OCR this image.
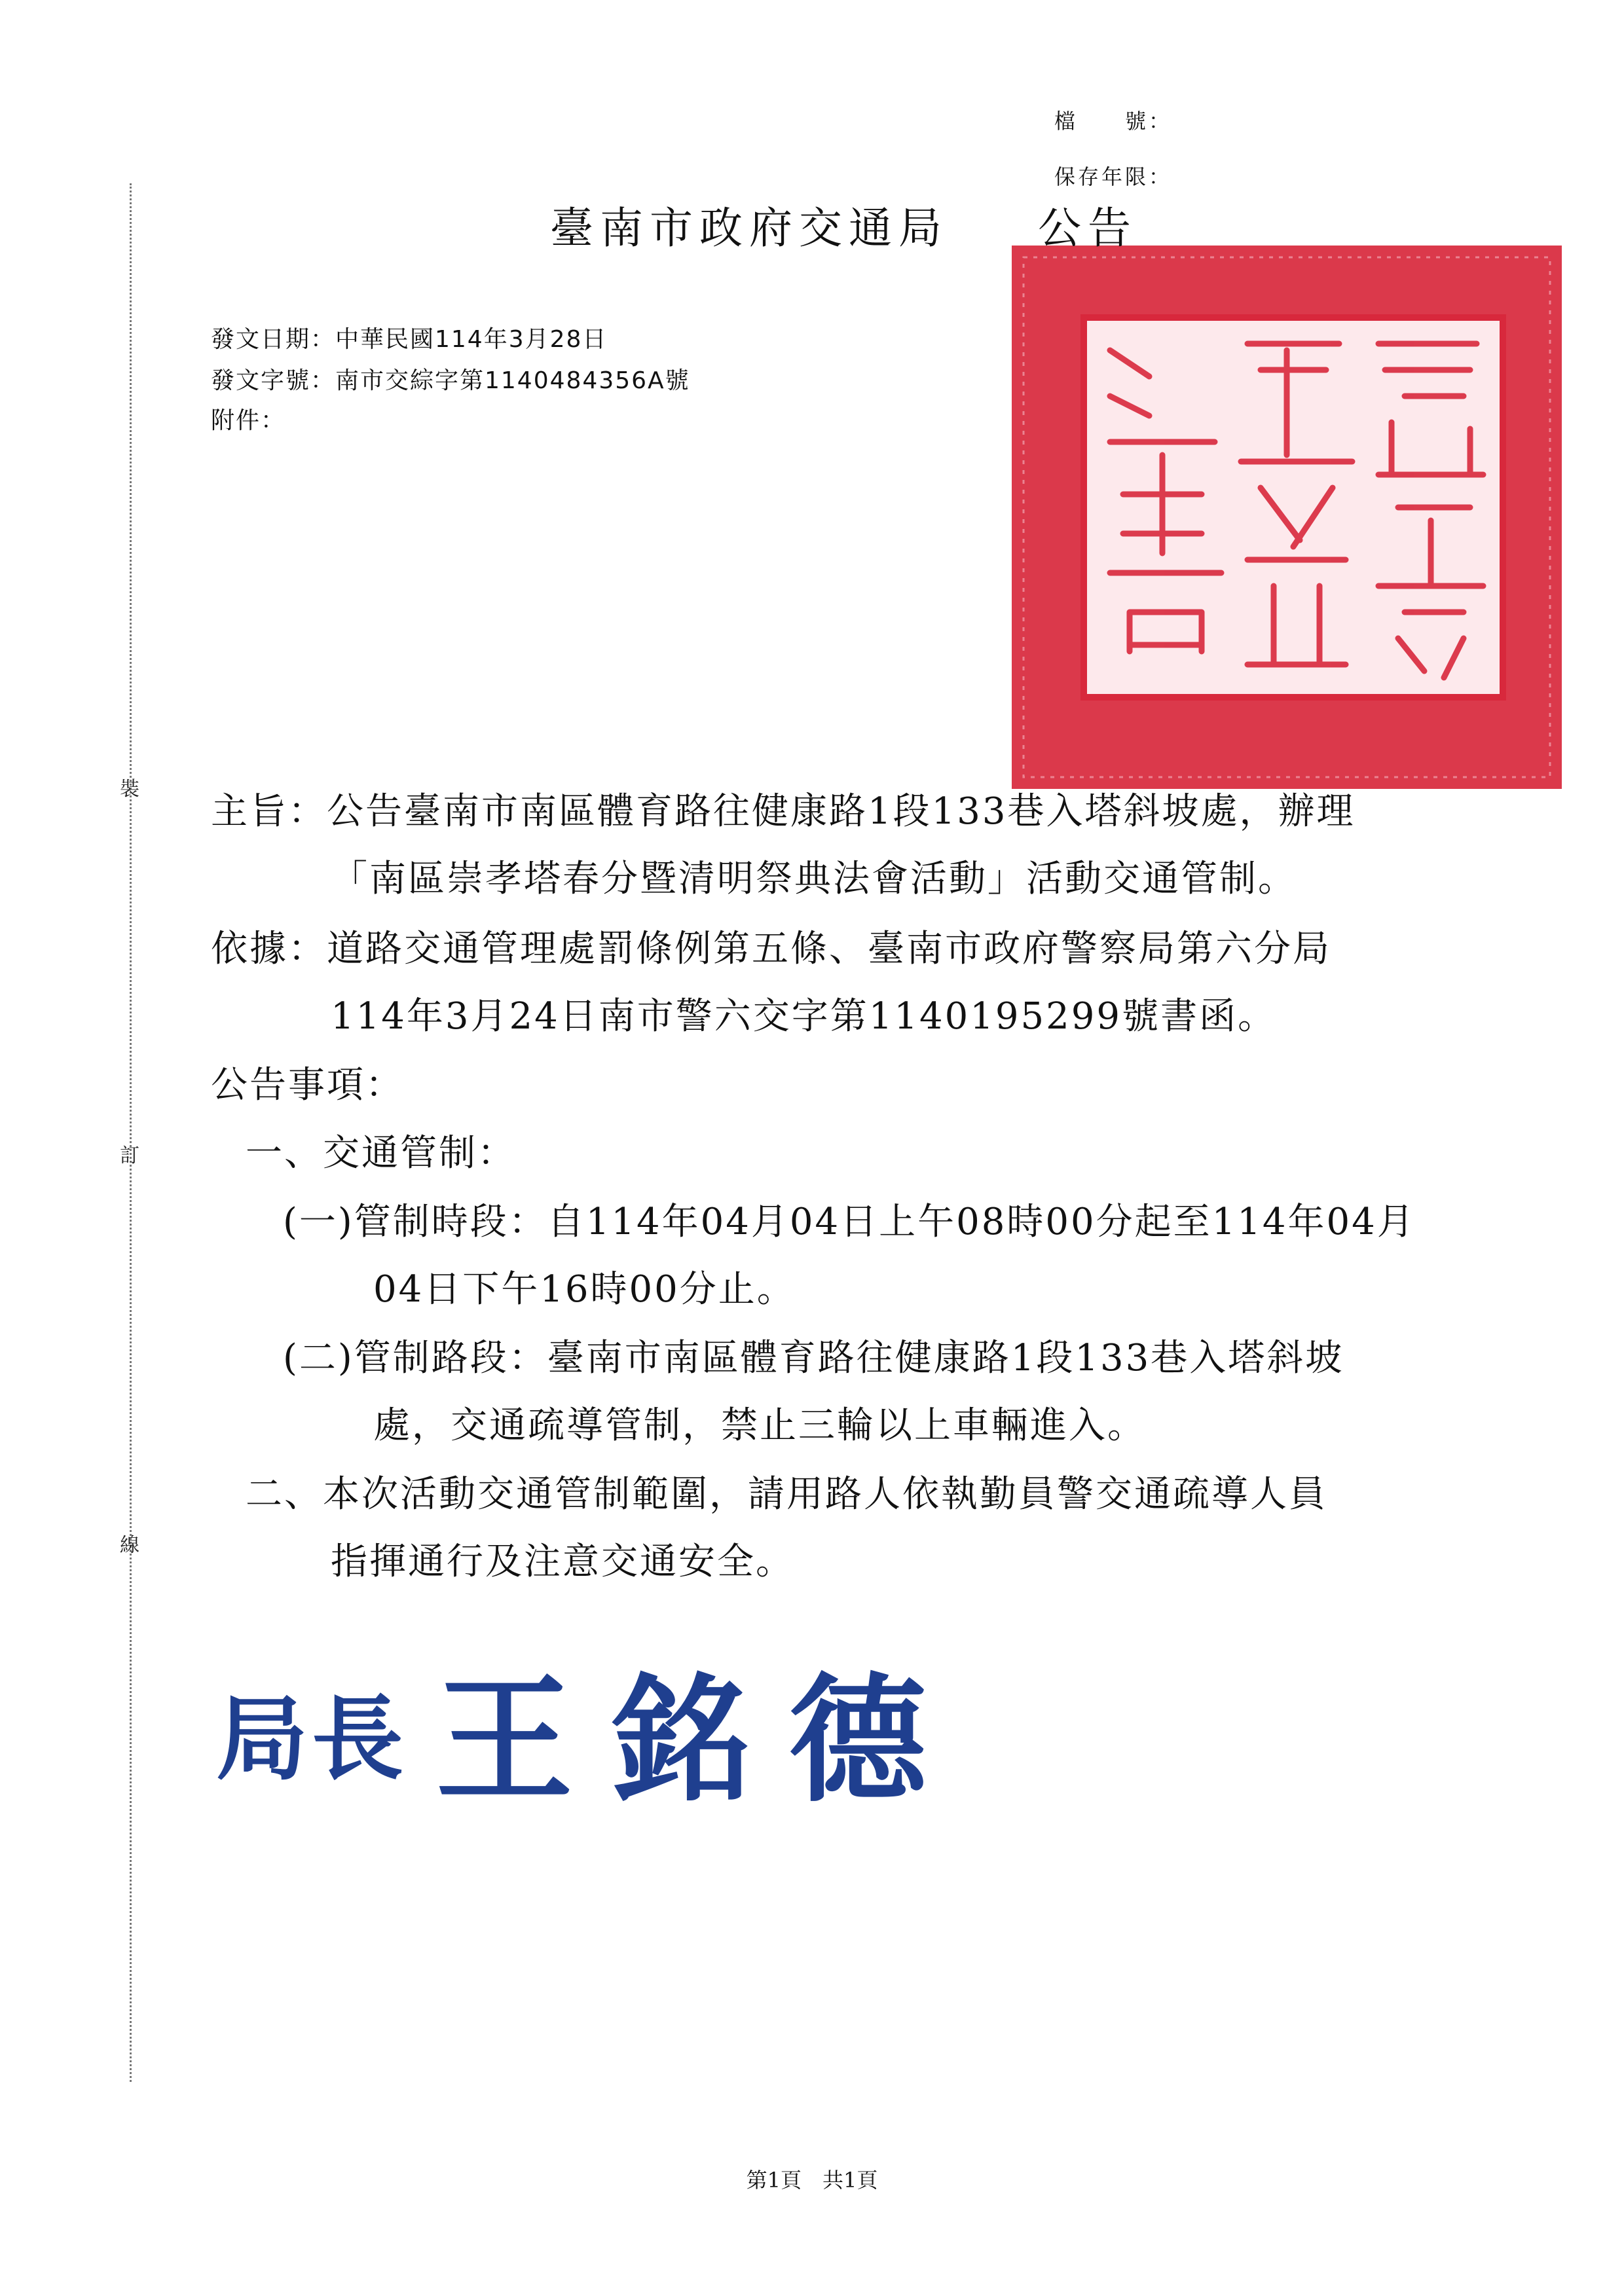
裝
訂
線
檔　　號：
保存年限：
臺南市政府交通局 公告
發文日期：中華民國114年3月28日
發文字號：南市交綜字第1140484356A號
附件：
主旨：公告臺南市南區體育路往健康路1段133巷入塔斜坡處，辦理
「南區崇孝塔春分暨清明祭典法會活動」活動交通管制。
依據：道路交通管理處罰條例第五條、臺南市政府警察局第六分局
114年3月24日南市警六交字第1140195299號書函。
公告事項：
一、交通管制：
(一)管制時段：自114年04月04日上午08時00分起至114年04月
04日下午16時00分止。
(二)管制路段：臺南市南區體育路往健康路1段133巷入塔斜坡
處，交通疏導管制，禁止三輪以上車輛進入。
二、本次活動交通管制範圍，請用路人依執勤員警交通疏導人員
指揮通行及注意交通安全。
局長 王銘德
第1頁　共1頁
